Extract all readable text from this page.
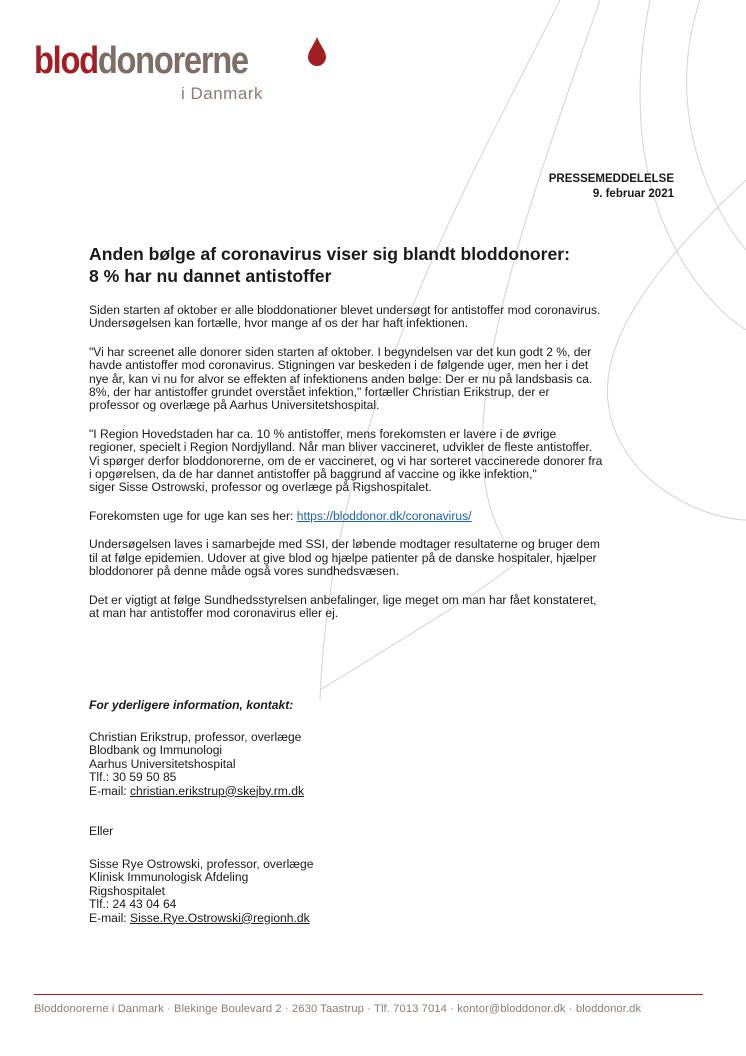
bloddonorerne
i Danmark
PRESSEMEDDELELSE
9. februar 2021
Anden bølge af coronavirus viser sig blandt bloddonorer:
8 % har nu dannet antistoffer

Siden starten af oktober er alle bloddonationer blevet undersøgt for antistoffer mod coronavirus.
Undersøgelsen kan fortælle, hvor mange af os der har haft infektionen.

"Vi har screenet alle donorer siden starten af oktober. I begyndelsen var det kun godt 2 %, der
havde antistoffer mod coronavirus. Stigningen var beskeden i de følgende uger, men her i det
nye år, kan vi nu for alvor se effekten af infektionens anden bølge: Der er nu på landsbasis ca.
8%, der har antistoffer grundet overstået infektion," fortæller Christian Erikstrup, der er
professor og overlæge på Aarhus Universitetshospital.

"I Region Hovedstaden har ca. 10 % antistoffer, mens forekomsten er lavere i de øvrige
regioner, specielt i Region Nordjylland. Når man bliver vaccineret, udvikler de fleste antistoffer.
Vi spørger derfor bloddonorerne, om de er vaccineret, og vi har sorteret vaccinerede donorer fra
i opgørelsen, da de har dannet antistoffer på baggrund af vaccine og ikke infektion,"
siger Sisse Ostrowski, professor og overlæge på Rigshospitalet.

Forekomsten uge for uge kan ses her: https://bloddonor.dk/coronavirus/

Undersøgelsen laves i samarbejde med SSI, der løbende modtager resultaterne og bruger dem
til at følge epidemien. Udover at give blod og hjælpe patienter på de danske hospitaler, hjælper
bloddonorer på denne måde også vores sundhedsvæsen.

Det er vigtigt at følge Sundhedsstyrelsen anbefalinger, lige meget om man har fået konstateret,
at man har antistoffer mod coronavirus eller ej.

For yderligere information, kontakt:
Christian Erikstrup, professor, overlæge
Blodbank og Immunologi
Aarhus Universitetshospital
Tlf.: 30 59 50 85
E-mail: christian.erikstrup@skejby.rm.dk
Eller
Sisse Rye Ostrowski, professor, overlæge
Klinisk Immunologisk Afdeling
Rigshospitalet
Tlf.: 24 43 04 64
E-mail: Sisse.Rye.Ostrowski@regionh.dk
Bloddonorerne i Danmark · Blekinge Boulevard 2 · 2630 Taastrup · Tlf. 7013 7014 · kontor@bloddonor.dk · bloddonor.dk
